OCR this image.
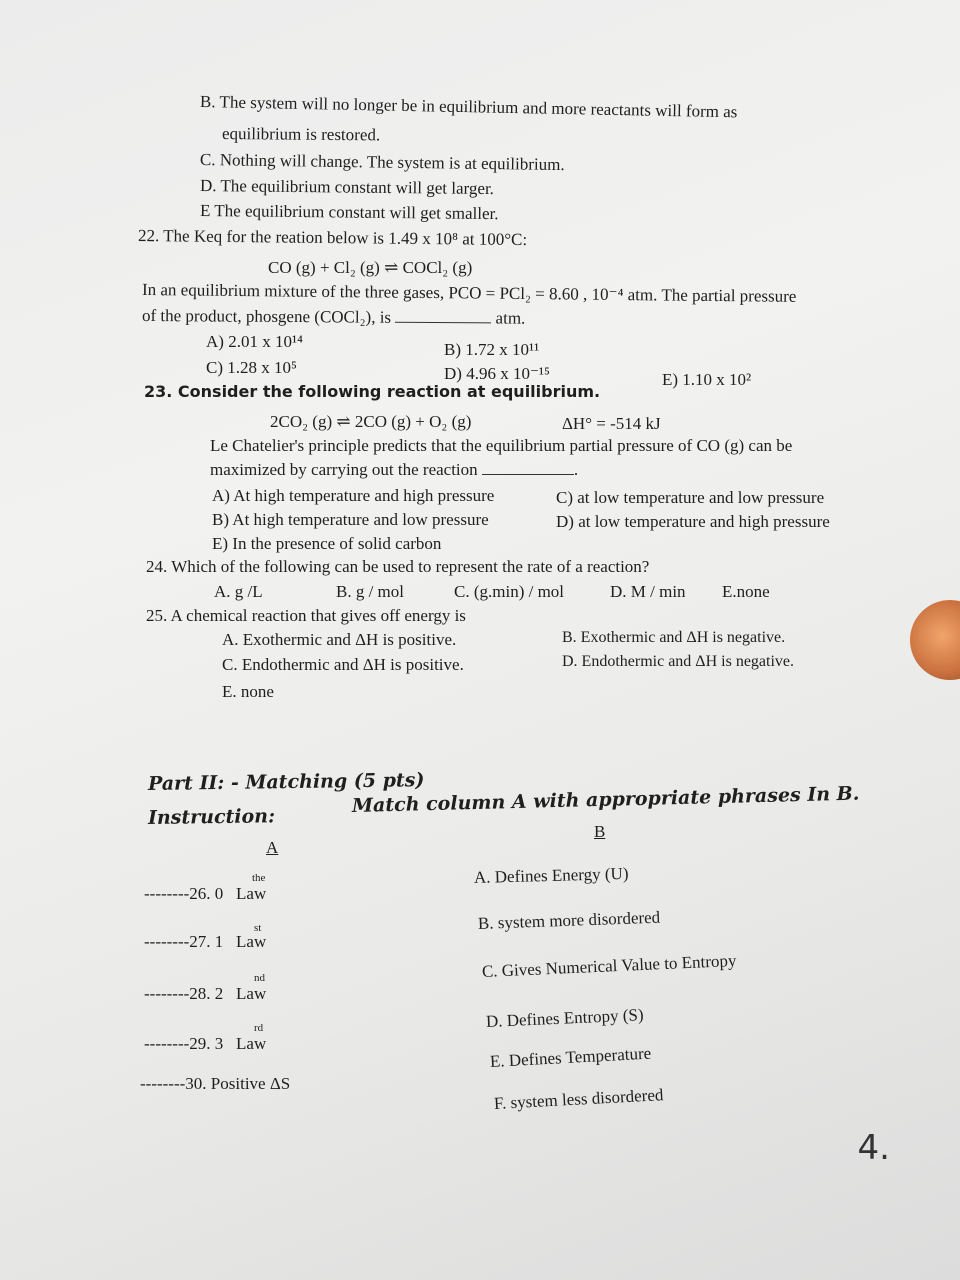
B. The system will no longer be in equilibrium and more reactants will form as
equilibrium is restored.
C. Nothing will change. The system is at equilibrium.
D. The equilibrium constant will get larger.
E The equilibrium constant will get smaller.
22. The Keq for the reation below is 1.49 x 10⁸ at 100°C:
CO (g) + Cl₂ (g) ⇌ COCl₂ (g)
In an equilibrium mixture of the three gases, PCO = PCl₂ = 8.60 , 10⁻⁴ atm. The partial pressure
of the product, phosgene (COCl₂), is	atm.
A) 2.01 x 10¹⁴	B) 1.72 x 10¹¹
C) 1.28 x 10⁵	D) 4.96 x 10⁻¹⁵	E) 1.10 x 10²
23. Consider the following reaction at equilibrium.
2CO₂ (g) ⇌ 2CO (g) + O₂ (g)	ΔH° = -514 kJ
Le Chatelier's principle predicts that the equilibrium partial pressure of CO (g) can be
maximized by carrying out the reaction	.
A) At high temperature and high pressure	C) at low temperature and low pressure
B) At high temperature and low pressure	D) at low temperature and high pressure
E) In the presence of solid carbon
24. Which of the following can be used to represent the rate of a reaction?
A. g /L	B. g / mol	C. (g.min) / mol	D. M / min E.none
25. A chemical reaction that gives off energy is
A. Exothermic and ΔH is positive.	B. Exothermic and ΔH is negative.
C. Endothermic and ΔH is positive.	D. Endothermic and ΔH is negative.
E. none
Part II: - Matching (5 pts)
Instruction:
Match column A with appropriate phrases In B.
B
A
the
--------26. 0 Law
st
--------27. 1 Law
nd
--------28. 2 Law
rd
--------29. 3 Law
--------30. Positive ΔS
A. Defines Energy (U)
B. system more disordered
C. Gives Numerical Value to Entropy
D. Defines Entropy (S)
E. Defines Temperature
F. system less disordered
4.
